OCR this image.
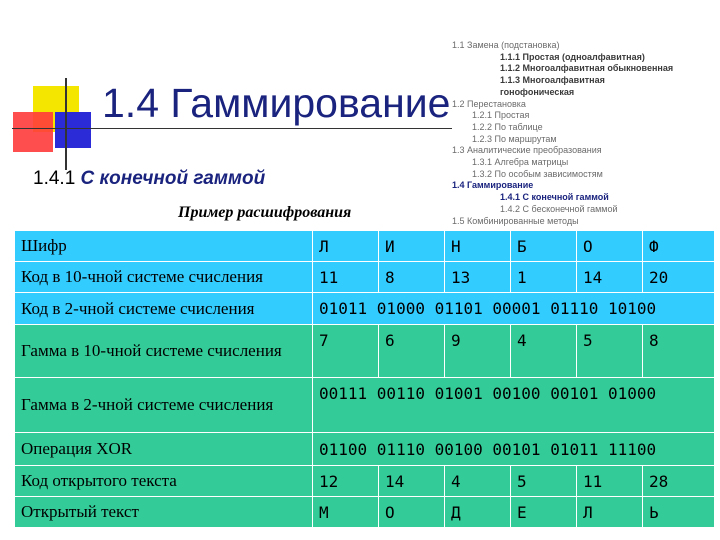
1.4 Гаммирование
1.4.1 С конечной гаммой
Пример расшифрования
1.1 Замена (подстановка)
1.1.1 Простая (одноалфавитная)
1.1.2 Многоалфавитная обыкновенная
1.1.3 Многоалфавитная
гонофоническая
1.2 Перестановка
1.2.1 Простая
1.2.2 По таблице
1.2.3 По маршрутам
1.3 Аналитические преобразования
1.3.1 Алгебра матрицы
1.3.2 По особым зависимостям
1.4 Гаммирование
1.4.1 С конечной гаммой
1.4.2 С бесконечной гаммой
1.5 Комбинированные методы
Шифр	Л	И	Н	Б	О	Ф
Код в 10-чной системе счисления	11	8	13	1	14	20
Код в 2-чной системе счисления	01011 01000 01101 00001 01110 10100					
Гамма в 10-чной системе счисления	7	6	9	4	5	8
Гамма в 2-чной системе счисления	00111 00110 01001 00100 00101 01000					
Операция XOR	01100 01110 00100 00101 01011 11100					
Код открытого текста	12	14	4	5	11	28
Открытый текст	М	О	Д	Е	Л	Ь
